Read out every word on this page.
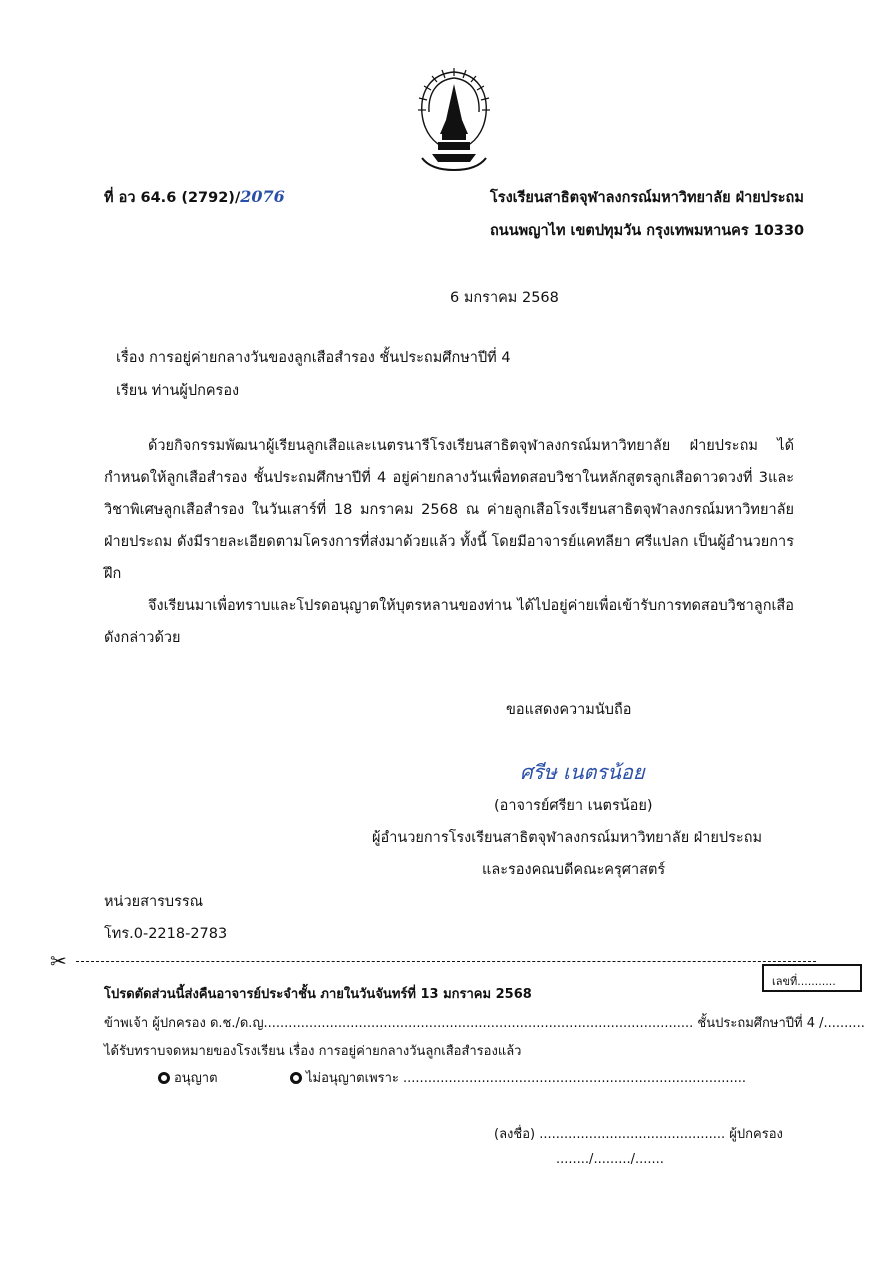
ที่ อว 64.6 (2792)/2076	โรงเรียนสาธิตจุฬาลงกรณ์มหาวิทยาลัย ฝ่ายประถม
ถนนพญาไท เขตปทุมวัน กรุงเทพมหานคร 10330
6 มกราคม 2568
เรื่อง การอยู่ค่ายกลางวันของลูกเสือสำรอง ชั้นประถมศึกษาปีที่ 4
เรียน ท่านผู้ปกครอง

ด้วยกิจกรรมพัฒนาผู้เรียนลูกเสือและเนตรนารีโรงเรียนสาธิตจุฬาลงกรณ์มหาวิทยาลัย ฝ่ายประถม ได้กำหนดให้ลูกเสือสำรอง ชั้นประถมศึกษาปีที่ 4 อยู่ค่ายกลางวันเพื่อทดสอบวิชาในหลักสูตรลูกเสือดาวดวงที่ 3และวิชาพิเศษลูกเสือสำรอง ในวันเสาร์ที่ 18 มกราคม 2568 ณ ค่ายลูกเสือโรงเรียนสาธิตจุฬาลงกรณ์มหาวิทยาลัย ฝ่ายประถม ดังมีรายละเอียดตามโครงการที่ส่งมาด้วยแล้ว ทั้งนี้ โดยมีอาจารย์แคทลียา ศรีแปลก เป็นผู้อำนวยการฝึก

จึงเรียนมาเพื่อทราบและโปรดอนุญาตให้บุตรหลานของท่าน ได้ไปอยู่ค่ายเพื่อเข้ารับการทดสอบวิชาลูกเสือดังกล่าวด้วย

ขอแสดงความนับถือ
ศรีษ เนตรน้อย
(อาจารย์ศรียา เนตรน้อย)
ผู้อำนวยการโรงเรียนสาธิตจุฬาลงกรณ์มหาวิทยาลัย ฝ่ายประถม
และรองคณบดีคณะครุศาสตร์
หน่วยสารบรรณ
โทร.0-2218-2783
✂
เลขที่...........
โปรดตัดส่วนนี้ส่งคืนอาจารย์ประจำชั้น ภายในวันจันทร์ที่ 13 มกราคม 2568
ข้าพเจ้า ผู้ปกครอง ด.ช./ด.ญ........................................................................................................ ชั้นประถมศึกษาปีที่ 4 /..........
ได้รับทราบจดหมายของโรงเรียน เรื่อง การอยู่ค่ายกลางวันลูกเสือสำรองแล้ว
อนุญาต	ไม่อนุญาตเพราะ ...................................................................................
(ลงชื่อ) ............................................. ผู้ปกครอง
......../........./.......
